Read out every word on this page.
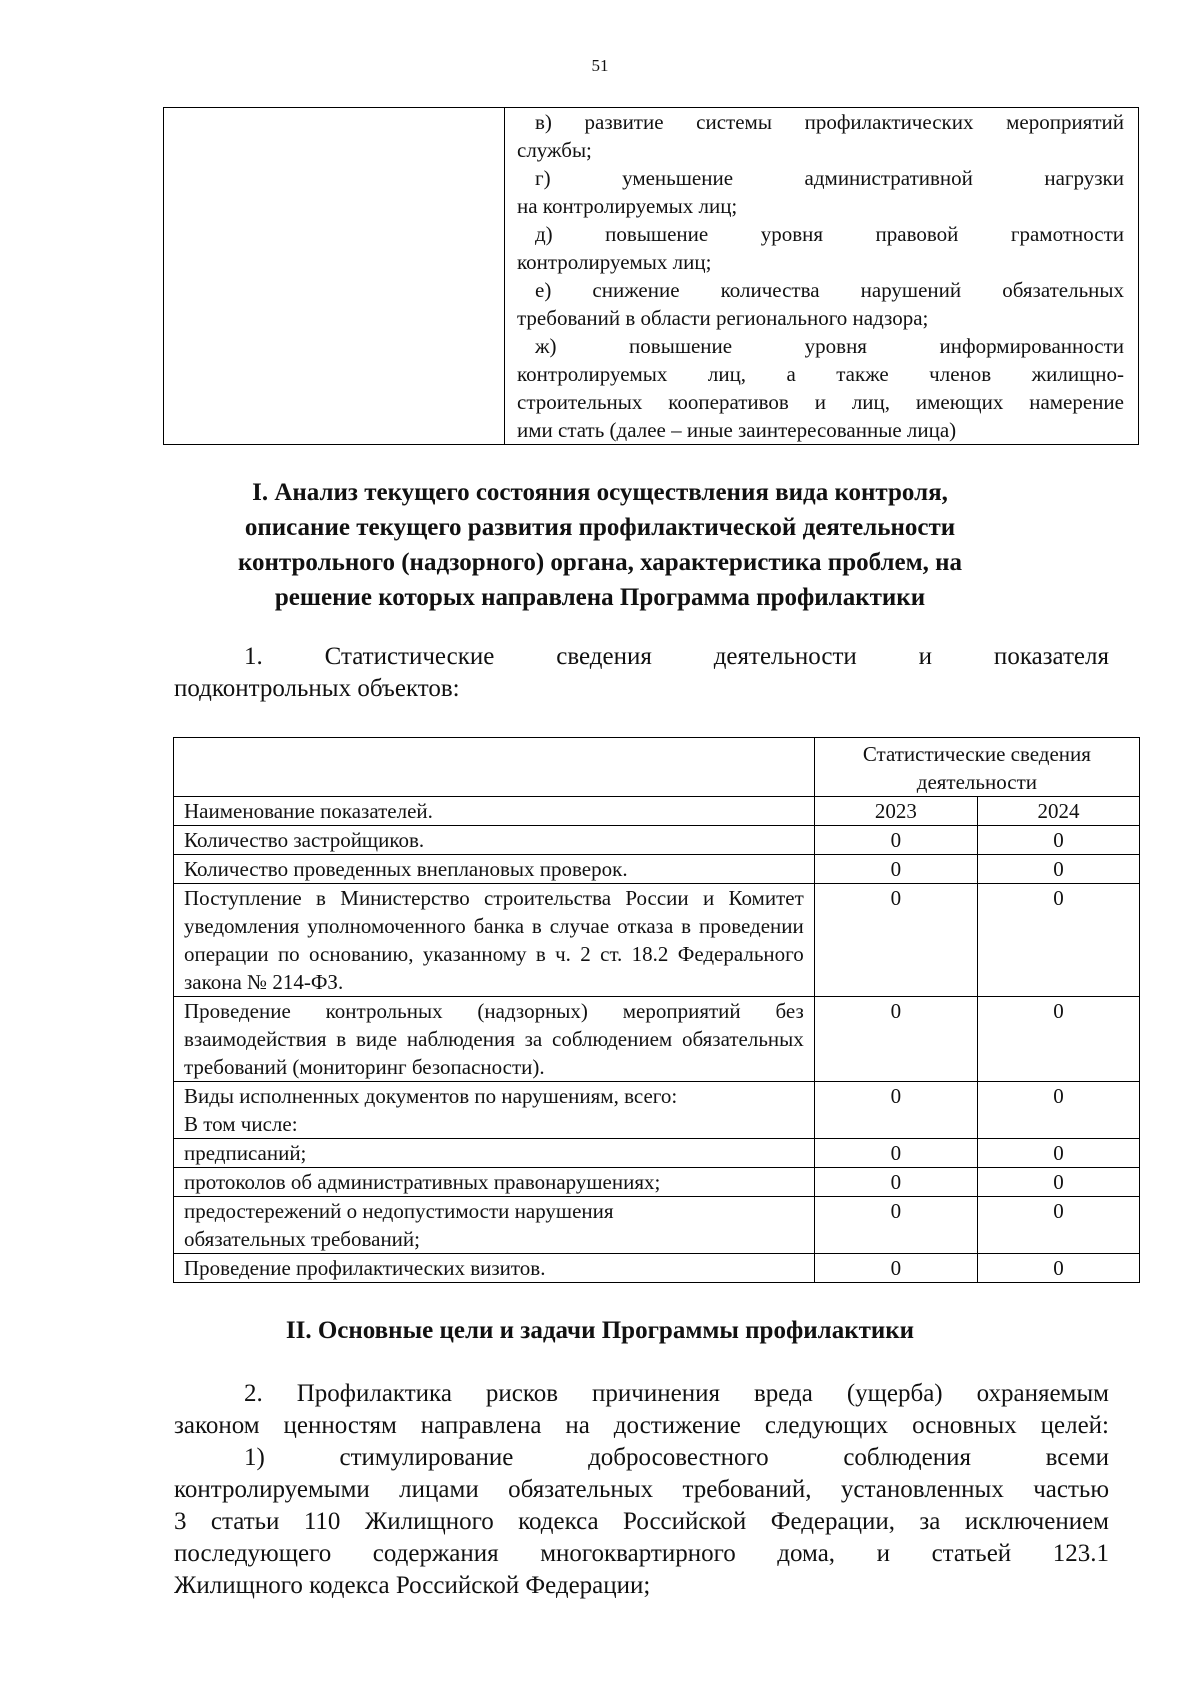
51

в) развитие системы профилактических мероприятий
службы;
г) уменьшение административной нагрузки
на контролируемых лиц;
д) повышение уровня правовой грамотности
контролируемых лиц;
е) снижение количества нарушений обязательных
требований в области регионального надзора;
ж) повышение уровня информированности
контролируемых лиц, а также членов жилищно-
строительных кооперативов и лиц, имеющих намерение
ими стать (далее – иные заинтересованные лица)
I. Анализ текущего состояния осуществления вида контроля,
описание текущего развития профилактической деятельности
контрольного (надзорного) органа, характеристика проблем, на
решение которых направлена Программа профилактики
1. Статистические сведения деятельности и показателя
подконтрольных объектов:
	Статистические сведения деятельности	
Наименование показателей.	2023	2024
Количество застройщиков.	0	0
Количество проведенных внеплановых проверок.	0	0
Поступление в Министерство строительства России и Комитет уведомления уполномоченного банка в случае отказа в проведении операции по основанию, указанному в ч. 2 ст. 18.2 Федерального закона № 214-ФЗ.	0	0
Проведение контрольных (надзорных) мероприятий без взаимодействия в виде наблюдения за соблюдением обязательных требований (мониторинг безопасности).	0	0

Виды исполненных документов по нарушениям, всего:
В том числе:	0	0
предписаний;	0	0
протоколов об административных правонарушениях;	0	0

предостережений о недопустимости нарушения
обязательных требований;	0	0
Проведение профилактических визитов.	0	0
II. Основные цели и задачи Программы профилактики
2. Профилактика рисков причинения вреда (ущерба) охраняемым
законом ценностям направлена на достижение следующих основных целей:
1) стимулирование добросовестного соблюдения всеми
контролируемыми лицами обязательных требований, установленных частью
3 статьи 110 Жилищного кодекса Российской Федерации, за исключением
последующего содержания многоквартирного дома, и статьей 123.1
Жилищного кодекса Российской Федерации;
